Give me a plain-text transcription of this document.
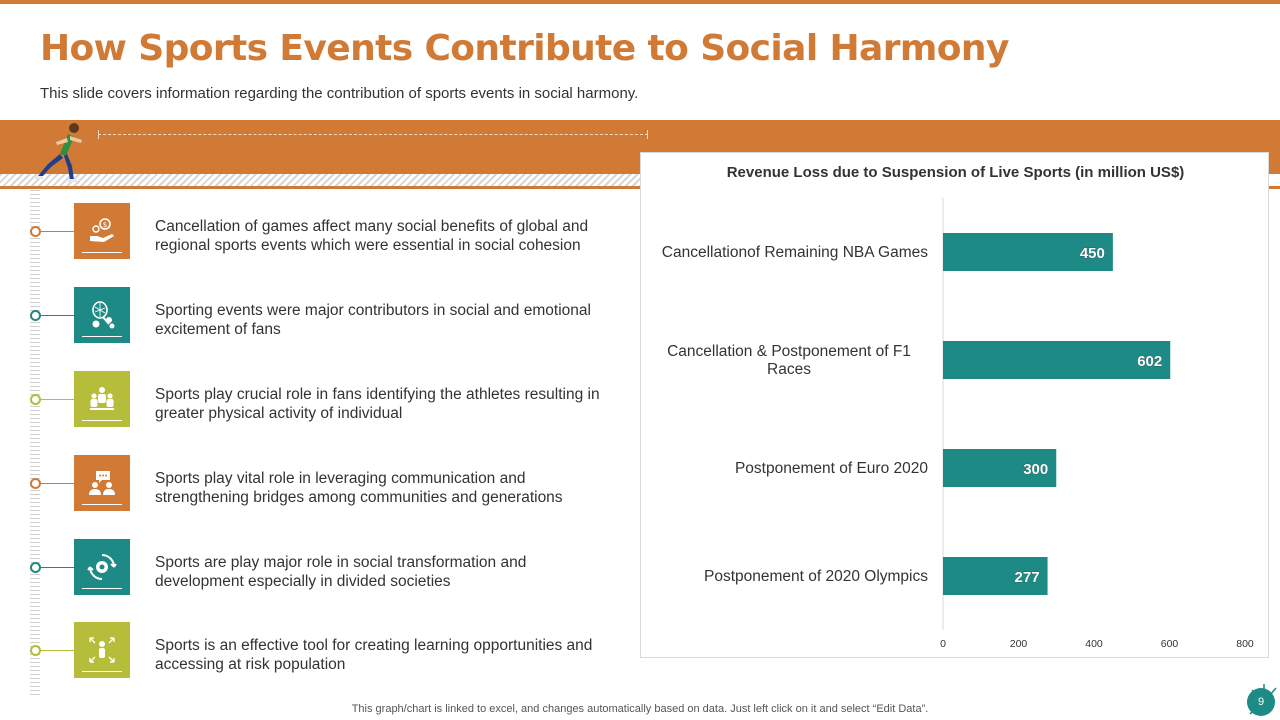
How Sports Events Contribute to Social Harmony
This slide covers information regarding the contribution of sports events in social harmony.
$	Cancellation of games affect many social benefits of global and regional sports events which were essential in social cohesion
Sporting events were major contributors in social and emotional excitement of fans
Sports play crucial role in fans identifying the athletes resulting in greater physical activity of individual
Sports play vital role in leveraging communication and strengthening bridges among communities and generations
Sports are play major role in social transformation and development especially in divided societies
Sports is an effective tool for creating learning opportunities and accessing at risk population
Revenue Loss due to Suspension of Live Sports (in million US$)
450
Cancellationof Remaining NBA Games
602
Cancellation & Postponement of F1 Races
300
Postponement of Euro 2020
277
Postponement of 2020 Olympics
0	200	400	600	800
This graph/chart is linked to excel, and changes automatically based on data. Just left click on it and select “Edit Data”.
9
